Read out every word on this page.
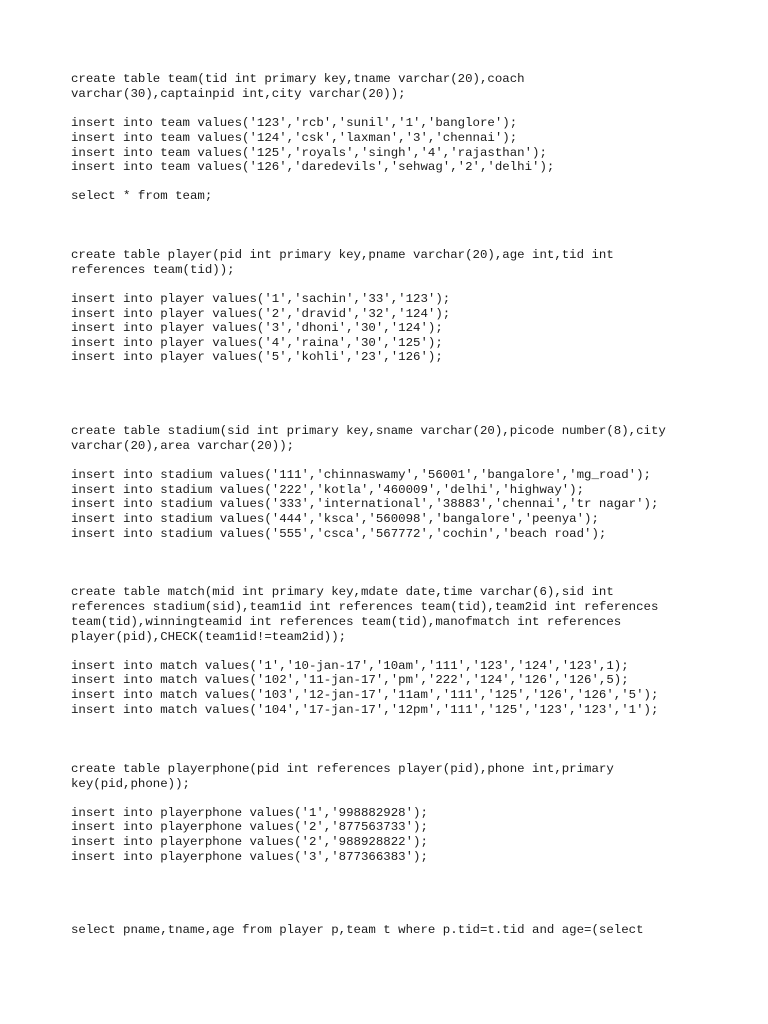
create table team(tid int primary key,tname varchar(20),coach
varchar(30),captainpid int,city varchar(20));
insert into team values('123','rcb','sunil','1','banglore');
insert into team values('124','csk','laxman','3','chennai');
insert into team values('125','royals','singh','4','rajasthan');
insert into team values('126','daredevils','sehwag','2','delhi');
select * from team;
create table player(pid int primary key,pname varchar(20),age int,tid int
references team(tid));
insert into player values('1','sachin','33','123');
insert into player values('2','dravid','32','124');
insert into player values('3','dhoni','30','124');
insert into player values('4','raina','30','125');
insert into player values('5','kohli','23','126');
create table stadium(sid int primary key,sname varchar(20),picode number(8),city
varchar(20),area varchar(20));
insert into stadium values('111','chinnaswamy','56001','bangalore','mg_road');
insert into stadium values('222','kotla','460009','delhi','highway');
insert into stadium values('333','international','38883','chennai','tr nagar');
insert into stadium values('444','ksca','560098','bangalore','peenya');
insert into stadium values('555','csca','567772','cochin','beach road');
create table match(mid int primary key,mdate date,time varchar(6),sid int
references stadium(sid),team1id int references team(tid),team2id int references
team(tid),winningteamid int references team(tid),manofmatch int references
player(pid),CHECK(team1id!=team2id));
insert into match values('1','10-jan-17','10am','111','123','124','123',1);
insert into match values('102','11-jan-17','pm','222','124','126','126',5);
insert into match values('103','12-jan-17','11am','111','125','126','126','5');
insert into match values('104','17-jan-17','12pm','111','125','123','123','1');
create table playerphone(pid int references player(pid),phone int,primary
key(pid,phone));
insert into playerphone values('1','998882928');
insert into playerphone values('2','877563733');
insert into playerphone values('2','988928822');
insert into playerphone values('3','877366383');
select pname,tname,age from player p,team t where p.tid=t.tid and age=(select
